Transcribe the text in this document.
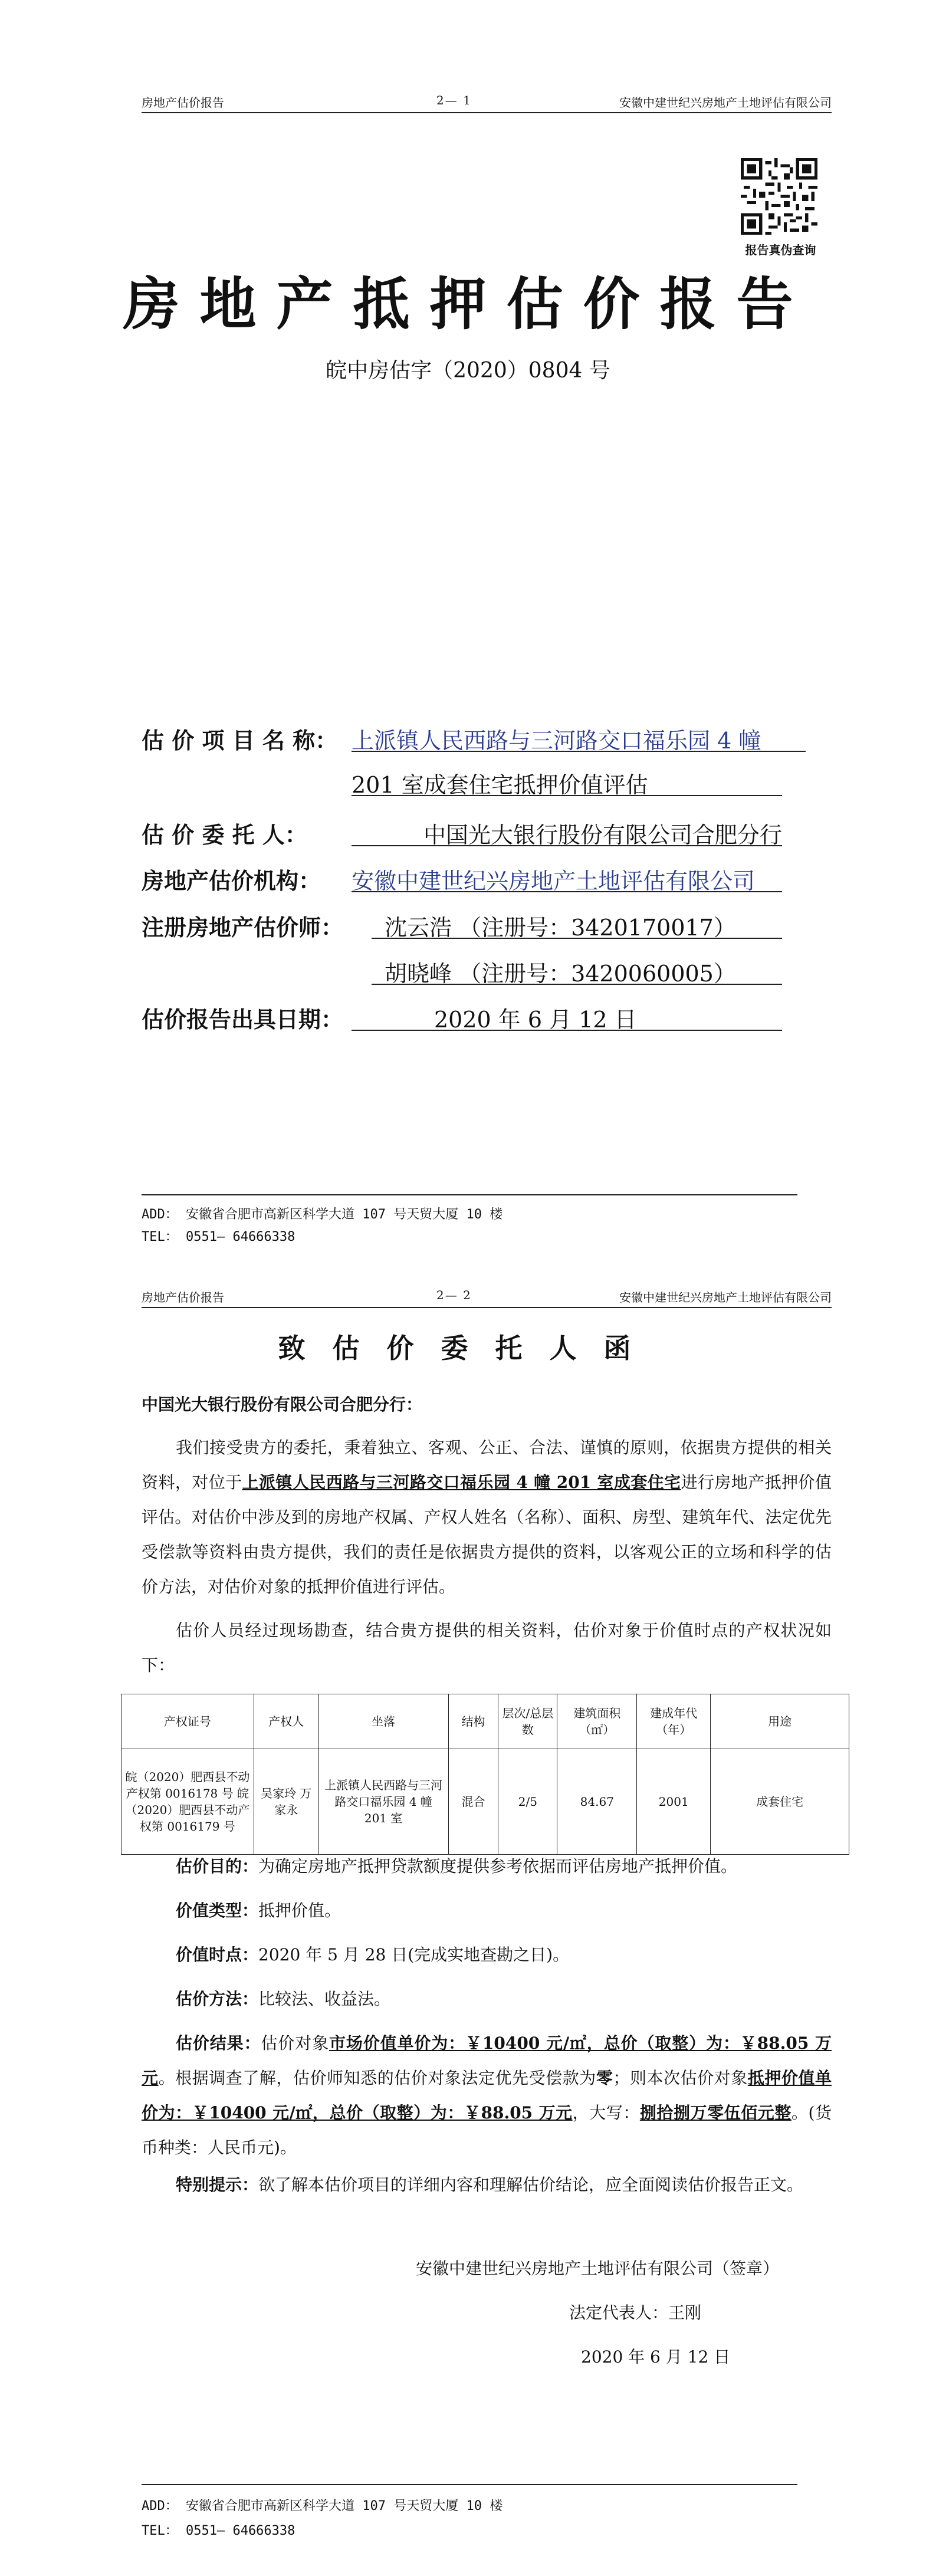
房地产估价报告	2— 1	安徽中建世纪兴房地产土地评估有限公司
报告真伪查询
房地产抵押估价报告
皖中房估字（2020）0804 号
估 价 项 目 名 称： 上派镇人民西路与三河路交口福乐园 4 幢
201 室成套住宅抵押价值评估
估 价 委 托 人：	中国光大银行股份有限公司合肥分行
房地产估价机构： 安徽中建世纪兴房地产土地评估有限公司
注册房地产估价师：	沈云浩 （注册号：3420170017）
胡晓峰 （注册号：3420060005）
估价报告出具日期：	2020 年 6 月 12 日
ADD： 安徽省合肥市高新区科学大道 107 号天贸大厦 10 楼
TEL： 0551— 64666338
房地产估价报告	2— 2	安徽中建世纪兴房地产土地评估有限公司
致估价委托人函
中国光大银行股份有限公司合肥分行：
我们接受贵方的委托，秉着独立、客观、公正、合法、谨慎的原则，依据贵方提供的相关资料，对位于上派镇人民西路与三河路交口福乐园 4 幢 201 室成套住宅进行房地产抵押价值评估。对估价中涉及到的房地产权属、产权人姓名（名称）、面积、房型、建筑年代、法定优先受偿款等资料由贵方提供，我们的责任是依据贵方提供的资料，以客观公正的立场和科学的估价方法，对估价对象的抵押价值进行评估。
估价人员经过现场勘查，结合贵方提供的相关资料，估价对象于价值时点的产权状况如下：
产权证号	产权人	坐落	结构	层次/总层数	建筑面积（㎡）	建成年代（年）	用途
皖（2020）肥西县不动产权第 0016178 号 皖（2020）肥西县不动产权第 0016179 号	吴家玲 万家永	上派镇人民西路与三河路交口福乐园 4 幢 201 室	混合	2/5	84.67	2001	成套住宅
估价目的：为确定房地产抵押贷款额度提供参考依据而评估房地产抵押价值。
价值类型：抵押价值。
价值时点：2020 年 5 月 28 日(完成实地查勘之日)。
估价方法：比较法、收益法。
估价结果：估价对象市场价值单价为：￥10400 元/㎡，总价（取整）为：￥88.05 万元。根据调查了解，估价师知悉的估价对象法定优先受偿款为零；则本次估价对象抵押价值单价为：￥10400 元/㎡，总价（取整）为：￥88.05 万元，大写：捌拾捌万零伍佰元整。(货币种类：人民币元)。
特别提示：欲了解本估价项目的详细内容和理解估价结论，应全面阅读估价报告正文。
安徽中建世纪兴房地产土地评估有限公司（签章）
法定代表人：王刚
2020 年 6 月 12 日
ADD： 安徽省合肥市高新区科学大道 107 号天贸大厦 10 楼
TEL： 0551— 64666338
